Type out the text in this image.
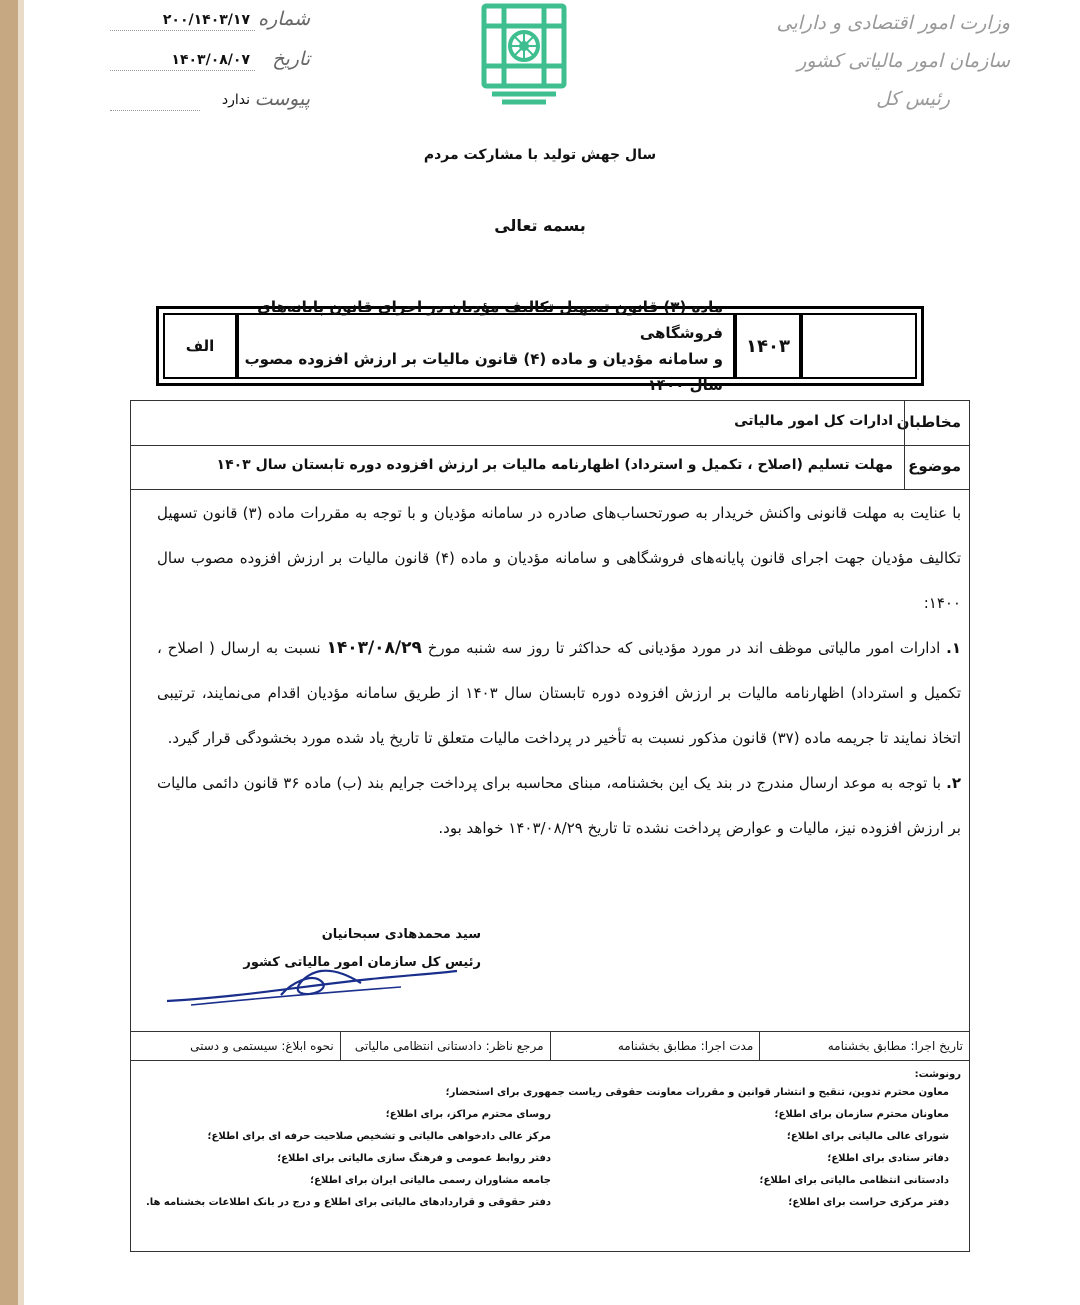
شماره
۲۰۰/۱۴۰۳/۱۷
تاریخ
۱۴۰۳/۰۸/۰۷
پیوست
ندارد
وزارت امور اقتصادی و دارایی
سازمان امور مالیاتی کشور
رئیس کل
سال جهش تولید با مشارکت مردم
بسمه تعالی
۱۴۰۳
ماده (۳) قانون تسهیل تکالیف مؤدیان در اجرای قانون پایانه‌های فروشگاهی
و سامانه مؤدیان و ماده (۴) قانون مالیات بر ارزش افزوده مصوب سال ۱۴۰۰
الف
مخاطبان
ادارات کل امور مالیاتی
موضوع
مهلت تسلیم (اصلاح ، تکمیل و استرداد) اظهارنامه مالیات بر ارزش افزوده دوره تابستان سال ۱۴۰۳

با عنایت به مهلت قانونی واکنش خریدار به صورتحساب‌های صادره در سامانه مؤدیان و با توجه به مقررات ماده (۳) قانون تسهیل تکالیف مؤدیان جهت اجرای قانون پایانه‌های فروشگاهی و سامانه مؤدیان و ماده (۴) قانون مالیات بر ارزش افزوده مصوب سال ۱۴۰۰:

۱. ادارات امور مالیاتی موظف اند در مورد مؤدیانی که حداکثر تا روز سه شنبه مورخ ۱۴۰۳/۰۸/۲۹ نسبت به ارسال ( اصلاح ، تکمیل و استرداد) اظهارنامه مالیات بر ارزش افزوده دوره تابستان سال ۱۴۰۳ از طریق سامانه مؤدیان اقدام می‌نمایند، ترتیبی اتخاذ نمایند تا جریمه ماده (۳۷) قانون مذکور نسبت به تأخیر در پرداخت مالیات متعلق تا تاریخ یاد شده مورد بخشودگی قرار گیرد.

۲. با توجه به موعد ارسال مندرج در بند یک این بخشنامه، مبنای محاسبه برای پرداخت جرایم بند (ب) ماده ۳۶ قانون دائمی مالیات بر ارزش افزوده نیز، مالیات و عوارض پرداخت نشده تا تاریخ ۱۴۰۳/۰۸/۲۹ خواهد بود.

سید محمدهادی سبحانیان
رئیس کل سازمان امور مالیاتی کشور
تاریخ اجرا: مطابق بخشنامه
مدت اجرا: مطابق بخشنامه
مرجع ناظر: دادستانی انتظامی مالیاتی
نحوه ابلاغ: سیستمی و دستی
رونوشت:
معاون محترم تدوین، تنقیح و انتشار قوانین و مقررات معاونت حقوقی ریاست جمهوری برای استحضار؛
معاونان محترم سازمان برای اطلاع؛
شورای عالی مالیاتی برای اطلاع؛
دفاتر ستادی برای اطلاع؛
دادستانی انتظامی مالیاتی برای اطلاع؛
دفتر مرکزی حراست برای اطلاع؛
روسای محترم مراکز، برای اطلاع؛
مرکز عالی دادخواهی مالیاتی و تشخیص صلاحیت حرفه ای برای اطلاع؛
دفتر روابط عمومی و فرهنگ سازی مالیاتی برای اطلاع؛
جامعه مشاوران رسمی مالیاتی ایران برای اطلاع؛
دفتر حقوقی و قراردادهای مالیاتی برای اطلاع و درج در بانک اطلاعات بخشنامه ها.
